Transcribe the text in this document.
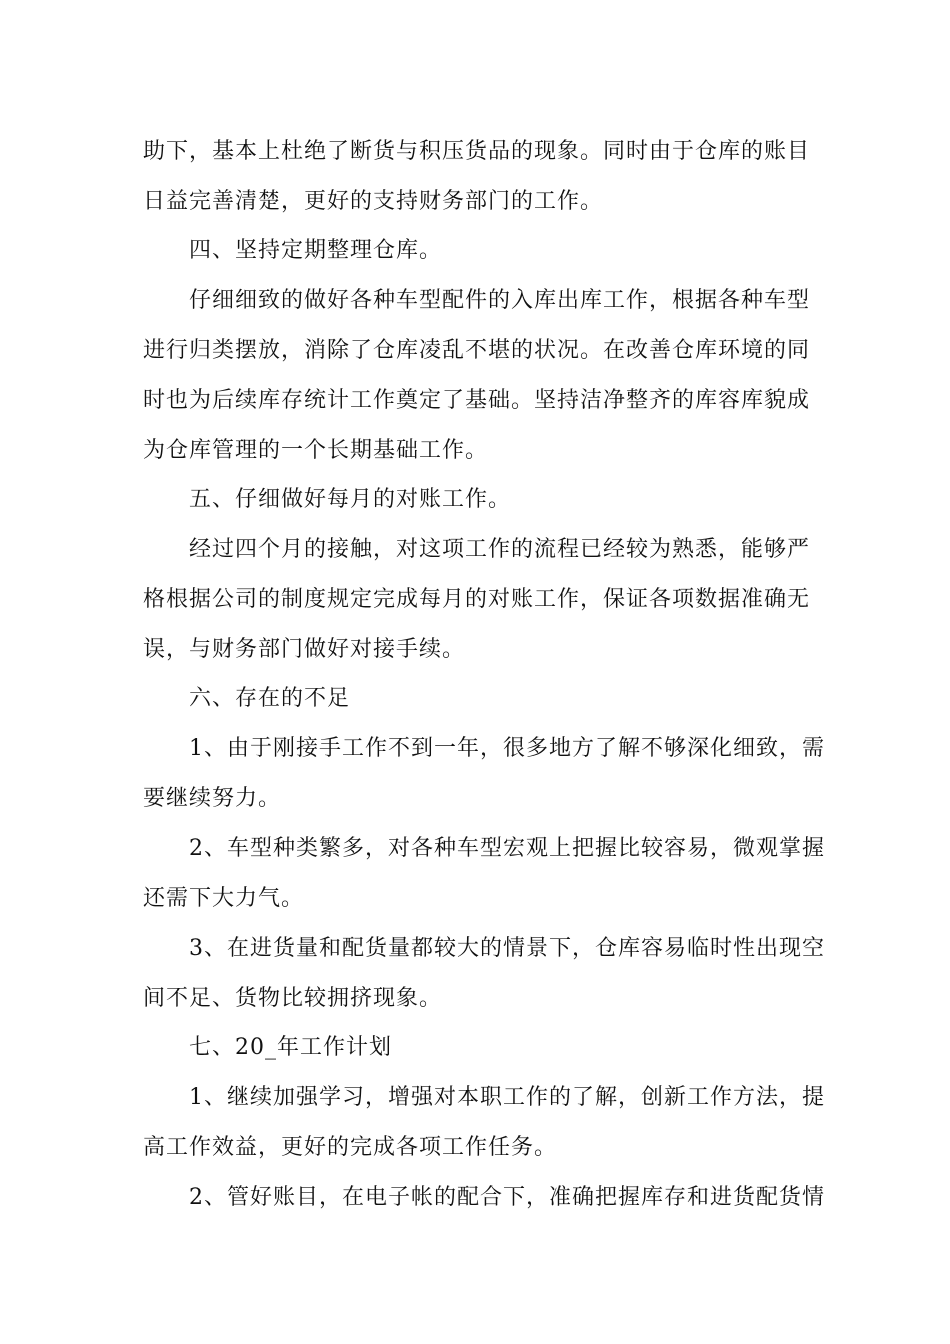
助下，基本上杜绝了断货与积压货品的现象。同时由于仓库的账目
日益完善清楚，更好的支持财务部门的工作。
四、坚持定期整理仓库。
仔细细致的做好各种车型配件的入库出库工作，根据各种车型
进行归类摆放，消除了仓库凌乱不堪的状况。在改善仓库环境的同
时也为后续库存统计工作奠定了基础。坚持洁净整齐的库容库貌成
为仓库管理的一个长期基础工作。
五、仔细做好每月的对账工作。
经过四个月的接触，对这项工作的流程已经较为熟悉，能够严
格根据公司的制度规定完成每月的对账工作，保证各项数据准确无
误，与财务部门做好对接手续。
六、存在的不足
1、由于刚接手工作不到一年，很多地方了解不够深化细致，需
要继续努力。
2、车型种类繁多，对各种车型宏观上把握比较容易，微观掌握
还需下大力气。
3、在进货量和配货量都较大的情景下，仓库容易临时性出现空
间不足、货物比较拥挤现象。
七、20_年工作计划
1、继续加强学习，增强对本职工作的了解，创新工作方法，提
高工作效益，更好的完成各项工作任务。
2、管好账目，在电子帐的配合下，准确把握库存和进货配货情
